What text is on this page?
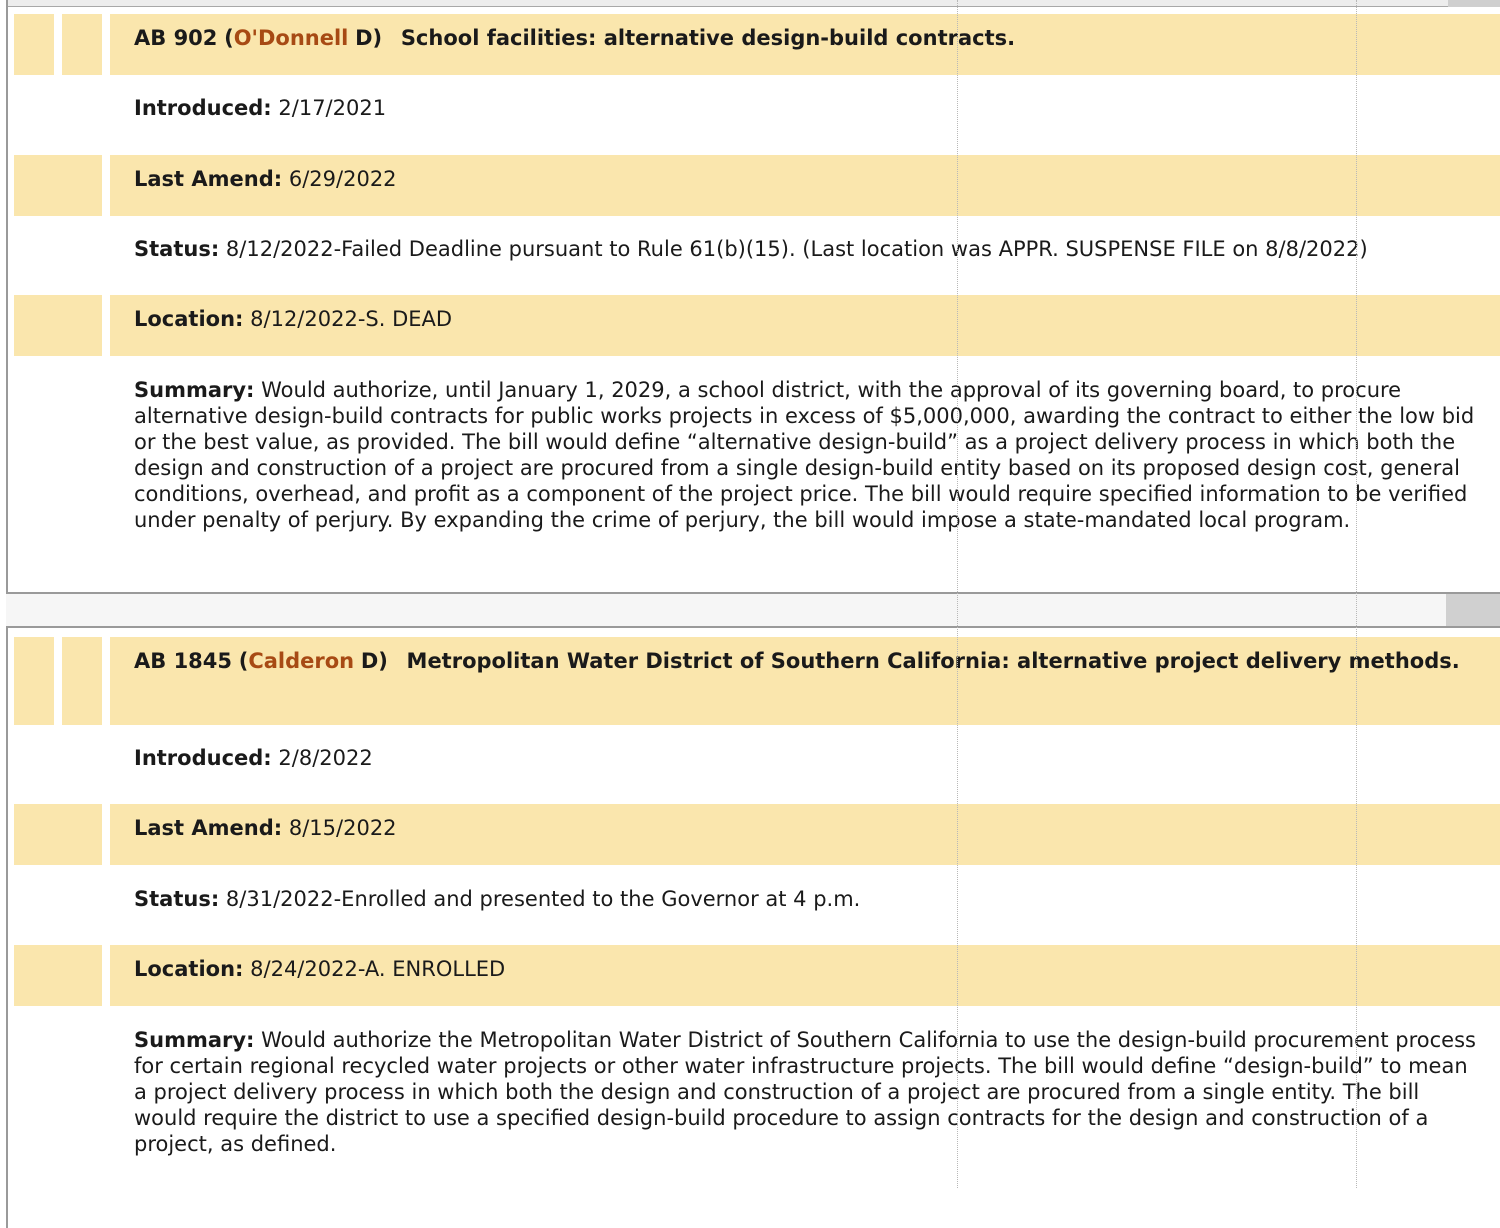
AB 902 (O'Donnell D) School facilities: alternative design-build contracts.
Introduced: 2/17/2021
Last Amend: 6/29/2022
Status: 8/12/2022-Failed Deadline pursuant to Rule 61(b)(15). (Last location was APPR. SUSPENSE FILE on 8/8/2022)
Location: 8/12/2022-S. DEAD
Summary: Would authorize, until January 1, 2029, a school district, with the approval of its governing board, to procure alternative design-build contracts for public works projects in excess of $5,000,000, awarding the contract to either the low bid or the best value, as provided. The bill would define “alternative design-build” as a project delivery process in which both the design and construction of a project are procured from a single design-build entity based on its proposed design cost, general conditions, overhead, and profit as a component of the project price. The bill would require specified information to be verified under penalty of perjury. By expanding the crime of perjury, the bill would impose a state-mandated local program.
AB 1845 (Calderon D) Metropolitan Water District of Southern California: alternative project delivery methods.
Introduced: 2/8/2022
Last Amend: 8/15/2022
Status: 8/31/2022-Enrolled and presented to the Governor at 4 p.m.
Location: 8/24/2022-A. ENROLLED
Summary: Would authorize the Metropolitan Water District of Southern California to use the design-build procurement process for certain regional recycled water projects or other water infrastructure projects. The bill would define “design-build” to mean a project delivery process in which both the design and construction of a project are procured from a single entity. The bill would require the district to use a specified design-build procedure to assign contracts for the design and construction of a project, as defined.
